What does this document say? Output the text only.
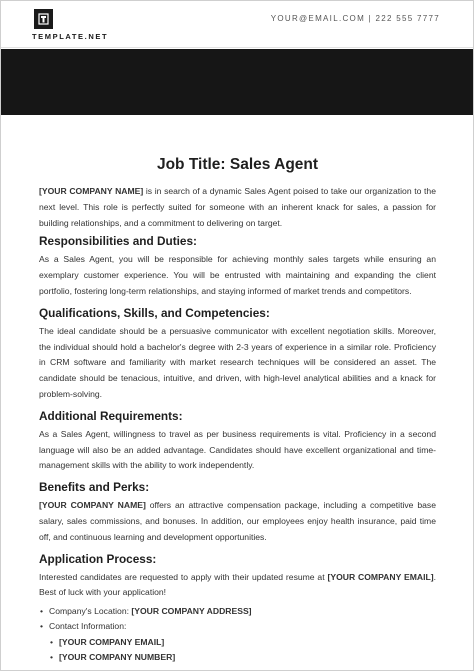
TEMPLATE.NET
YOUR@EMAIL.COM | 222 555 7777
Job Title: Sales Agent

[YOUR COMPANY NAME] is in search of a dynamic Sales Agent poised to take our organization to the next level. This role is perfectly suited for someone with an inherent knack for sales, a passion for building relationships, and a commitment to delivering on target.

Responsibilities and Duties:

As a Sales Agent, you will be responsible for achieving monthly sales targets while ensuring an exemplary customer experience. You will be entrusted with maintaining and expanding the client portfolio, fostering long-term relationships, and staying informed of market trends and competitors.

Qualifications, Skills, and Competencies:

The ideal candidate should be a persuasive communicator with excellent negotiation skills. Moreover, the individual should hold a bachelor's degree with 2-3 years of experience in a similar role. Proficiency in CRM software and familiarity with market research techniques will be considered an asset. The candidate should be tenacious, intuitive, and driven, with high-level analytical abilities and a knack for problem-solving.

Additional Requirements:

As a Sales Agent, willingness to travel as per business requirements is vital. Proficiency in a second language will also be an added advantage. Candidates should have excellent organizational and time-management skills with the ability to work independently.

Benefits and Perks:

[YOUR COMPANY NAME] offers an attractive compensation package, including a competitive base salary, sales commissions, and bonuses. In addition, our employees enjoy health insurance, paid time off, and continuous learning and development opportunities.

Application Process:

Interested candidates are requested to apply with their updated resume at [YOUR COMPANY EMAIL]. Best of luck with your application!

• Company's Location: [YOUR COMPANY ADDRESS]
• Contact Information:
• [YOUR COMPANY EMAIL]
• [YOUR COMPANY NUMBER]
